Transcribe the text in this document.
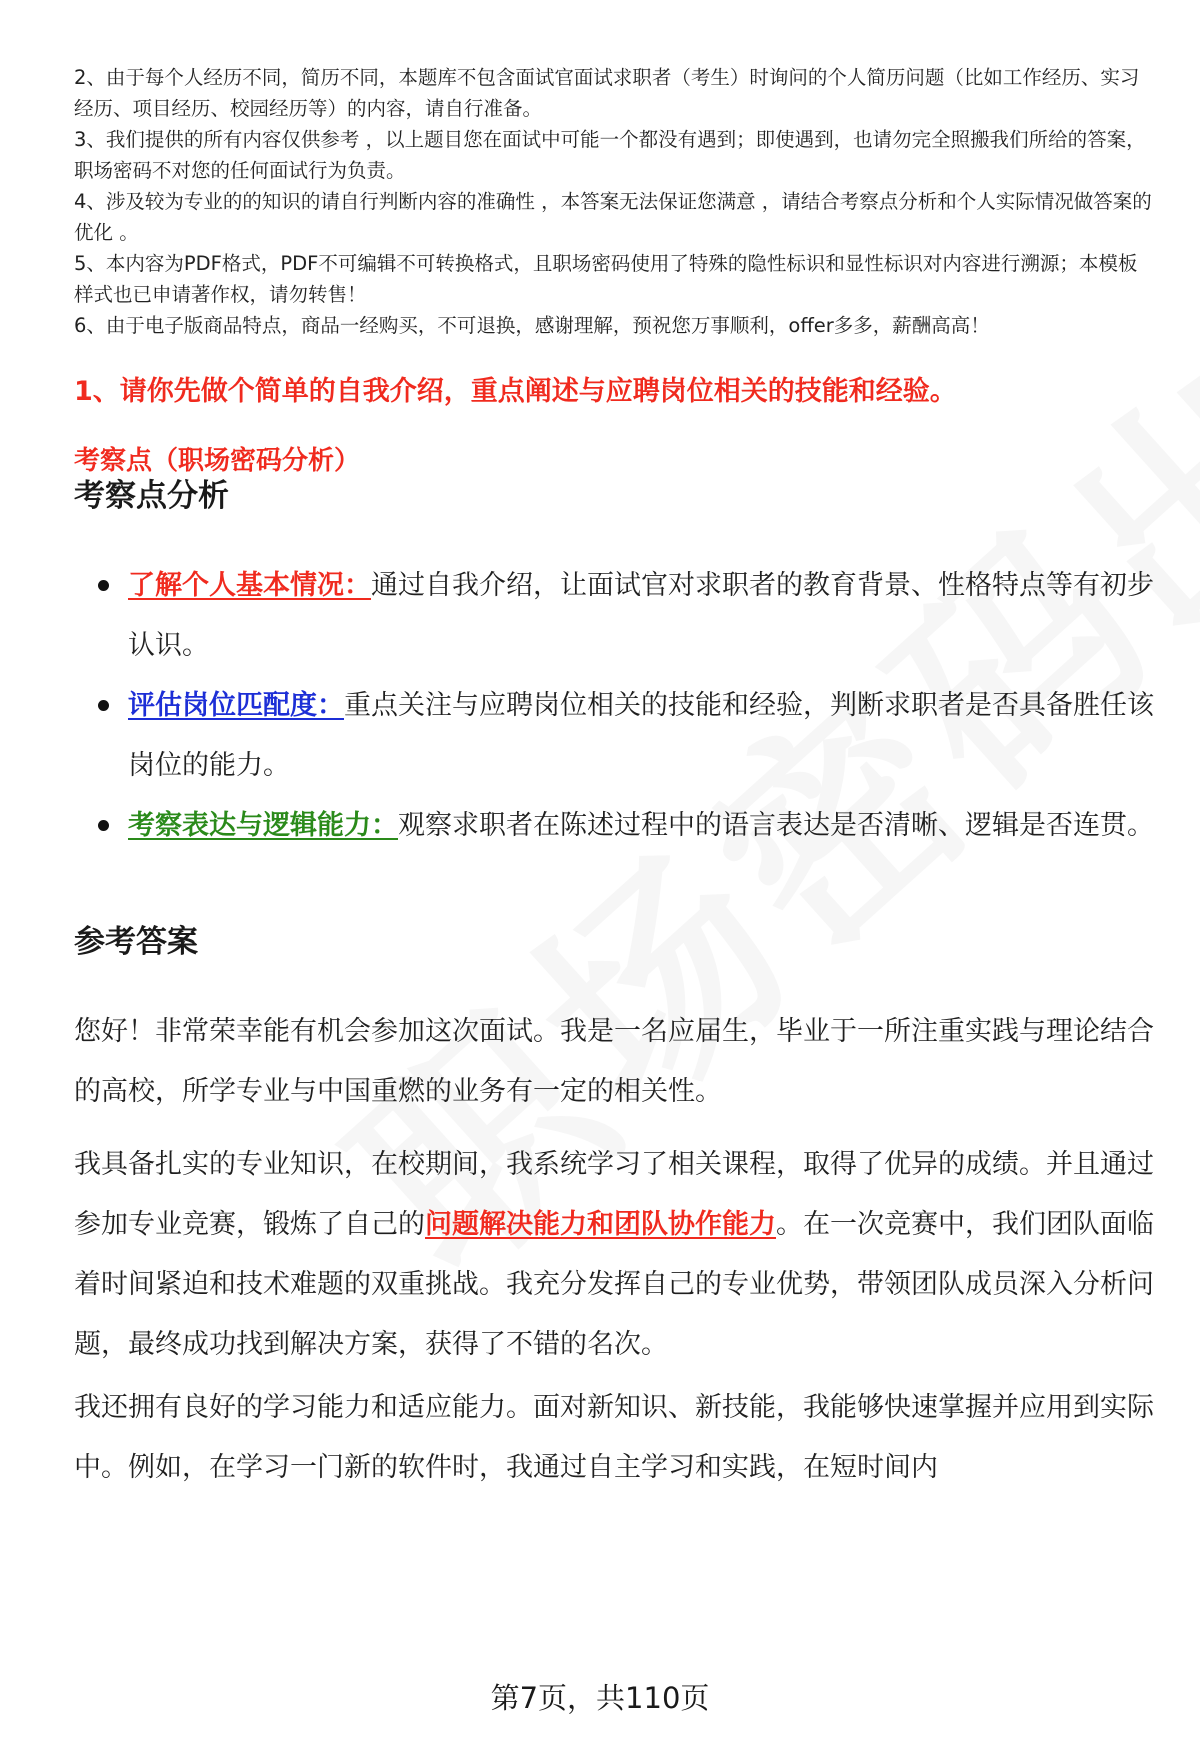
2、由于每个人经历不同，简历不同，本题库不包含面试官面试求职者（考生）时询问的个人简历问题（比如工作经历、实习经历、项目经历、校园经历等）的内容，请自行准备。

3、我们提供的所有内容仅供参考 ，以上题目您在面试中可能一个都没有遇到；即使遇到，也请勿完全照搬我们所给的答案，职场密码不对您的任何面试行为负责。

4、涉及较为专业的的知识的请自行判断内容的准确性 ，本答案无法保证您满意 ，请结合考察点分析和个人实际情况做答案的优化 。

5、本内容为PDF格式，PDF不可编辑不可转换格式，且职场密码使用了特殊的隐性标识和显性标识对内容进行溯源；本模板样式也已申请著作权，请勿转售！

6、由于电子版商品特点，商品一经购买，不可退换，感谢理解，预祝您万事顺利，offer多多，薪酬高高！

1、请你先做个简单的自我介绍，重点阐述与应聘岗位相关的技能和经验。
考察点（职场密码分析）
考察点分析
了解个人基本情况：通过自我介绍，让面试官对求职者的教育背景、性格特点等有初步认识。
评估岗位匹配度：重点关注与应聘岗位相关的技能和经验，判断求职者是否具备胜任该岗位的能力。
考察表达与逻辑能力：观察求职者在陈述过程中的语言表达是否清晰、逻辑是否连贯。
参考答案

您好！非常荣幸能有机会参加这次面试。我是一名应届生，毕业于一所注重实践与理论结合的高校，所学专业与中国重燃的业务有一定的相关性。

我具备扎实的专业知识，在校期间，我系统学习了相关课程，取得了优异的成绩。并且通过参加专业竞赛，锻炼了自己的问题解决能力和团队协作能力。在一次竞赛中，我们团队面临着时间紧迫和技术难题的双重挑战。我充分发挥自己的专业优势，带领团队成员深入分析问题，最终成功找到解决方案，获得了不错的名次。

我还拥有良好的学习能力和适应能力。面对新知识、新技能，我能够快速掌握并应用到实际中。例如，在学习一门新的软件时，我通过自主学习和实践，在短时间内

第7页，共110页
